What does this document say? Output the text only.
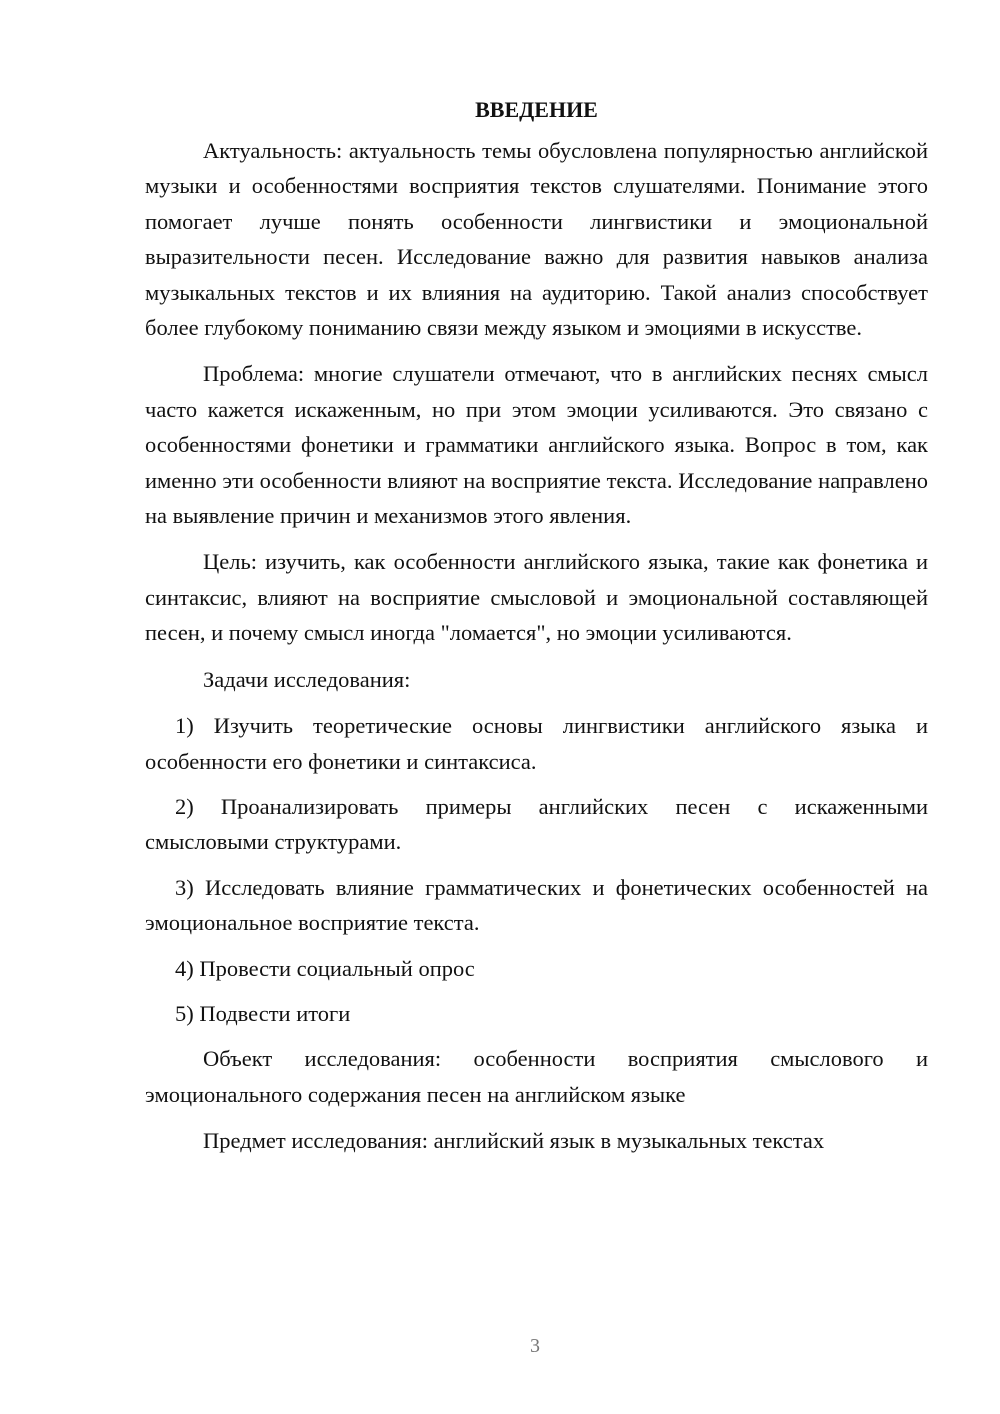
ВВЕДЕНИЕ

Актуальность: актуальность темы обусловлена популярностью английской музыки и особенностями восприятия текстов слушателями. Понимание этого помогает лучше понять особенности лингвистики и эмоциональной выразительности песен. Исследование важно для развития навыков анализа музыкальных текстов и их влияния на аудиторию. Такой анализ способствует более глубокому пониманию связи между языком и эмоциями в искусстве.

Проблема: многие слушатели отмечают, что в английских песнях смысл часто кажется искаженным, но при этом эмоции усиливаются. Это связано с особенностями фонетики и грамматики английского языка. Вопрос в том, как именно эти особенности влияют на восприятие текста. Исследование направлено на выявление причин и механизмов этого явления.

Цель: изучить, как особенности английского языка, такие как фонетика и синтаксис, влияют на восприятие смысловой и эмоциональной составляющей песен, и почему смысл иногда "ломается", но эмоции усиливаются.

Задачи исследования:

1) Изучить теоретические основы лингвистики английского языка и особенности его фонетики и синтаксиса.

2) Проанализировать примеры английских песен с искаженными смысловыми структурами.

3) Исследовать влияние грамматических и фонетических особенностей на эмоциональное восприятие текста.

4) Провести социальный опрос

5) Подвести итоги

Объект исследования: особенности восприятия смыслового и эмоционального содержания песен на английском языке

Предмет исследования: английский язык в музыкальных текстах

3
